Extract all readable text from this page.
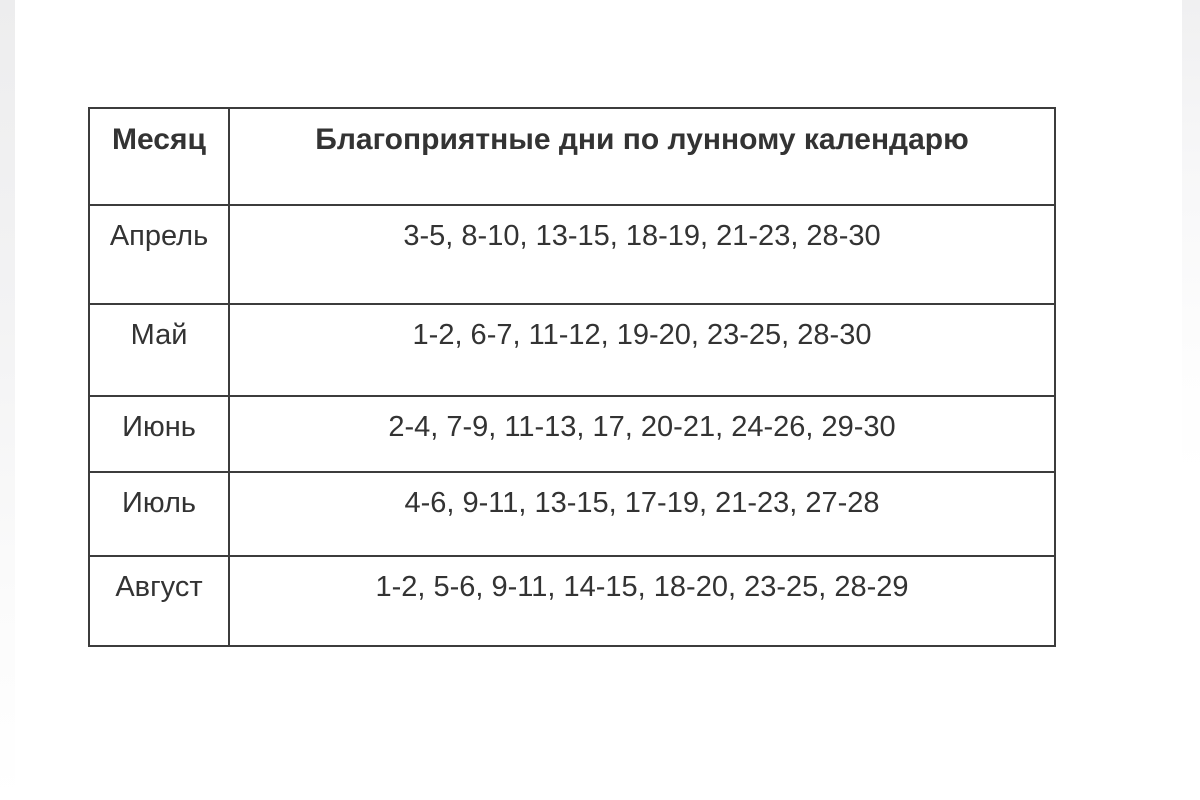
Месяц	Благоприятные дни по лунному календарю
Апрель	3-5, 8-10, 13-15, 18-19, 21-23, 28-30
Май	1-2, 6-7, 11-12, 19-20, 23-25, 28-30
Июнь	2-4, 7-9, 11-13, 17, 20-21, 24-26, 29-30
Июль	4-6, 9-11, 13-15, 17-19, 21-23, 27-28
Август	1-2, 5-6, 9-11, 14-15, 18-20, 23-25, 28-29
